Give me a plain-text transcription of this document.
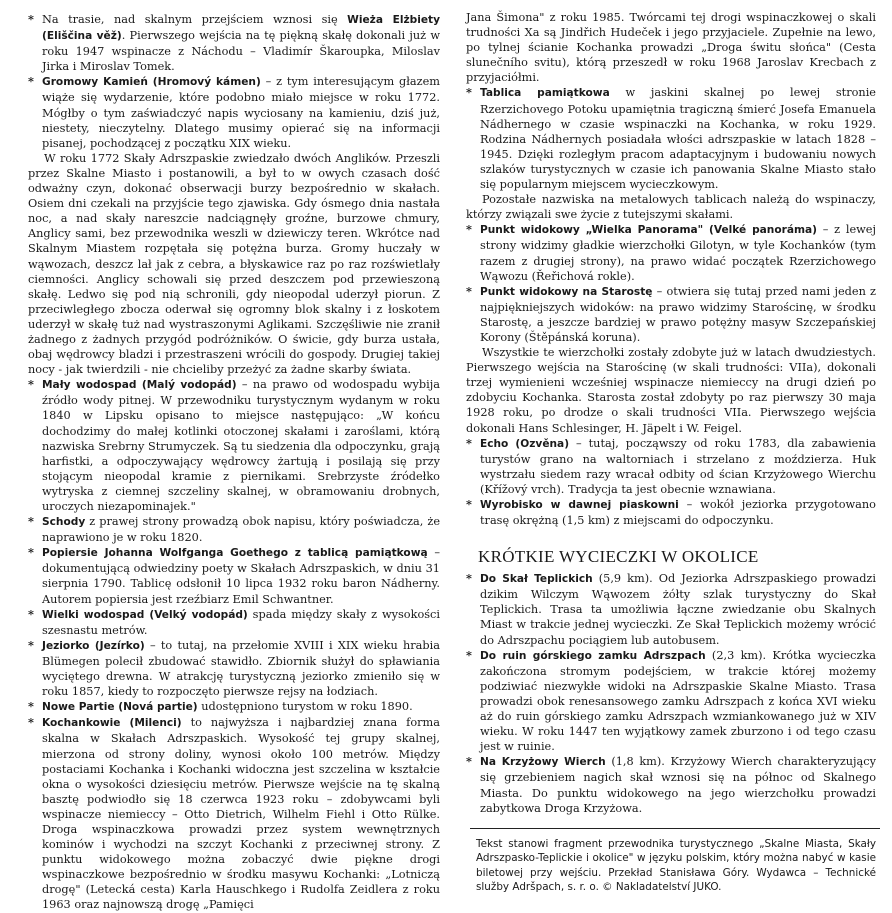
* Na trasie, nad skalnym przejściem wznosi się Wieża Elżbiety (Eliščina věž). Pierwszego wejścia na tę piękną skałę dokonali już w roku 1947 wspinacze z Náchodu – Vladimír Škaroupka, Miloslav Jirka i Miroslav Tomek.

* Gromowy Kamień (Hromový kámen) – z tym interesującym głazem wiąże się wydarzenie, które podobno miało miejsce w roku 1772. Mógłby o tym zaświadczyć napis wyciosany na kamieniu, dziś już, niestety, nieczytelny. Dlatego musimy opierać się na informacji pisanej, pochodzącej z początku XIX wieku.

W roku 1772 Skały Adrszpaskie zwiedzało dwóch Anglików. Przeszli przez Skalne Miasto i postanowili, a był to w owych czasach dość odważny czyn, dokonać obserwacji burzy bezpośrednio w skałach. Osiem dni czekali na przyjście tego zjawiska. Gdy ósmego dnia nastała noc, a nad skały nareszcie nadciągnęły groźne, burzowe chmury, Anglicy sami, bez przewodnika weszli w dziewiczy teren. Wkrótce nad Skalnym Miastem rozpętała się potężna burza. Gromy huczały w wąwozach, deszcz lał jak z cebra, a błyskawice raz po raz rozświetlały ciemności. Anglicy schowali się przed deszczem pod przewieszoną skałę. Ledwo się pod nią schronili, gdy nieopodal uderzył piorun. Z przeciwległego zbocza oderwał się ogromny blok skalny i z łoskotem uderzył w skałę tuż nad wystraszonymi Aglikami. Szczęśliwie nie zranił żadnego z żadnych przygód podróżników. O świcie, gdy burza ustała, obaj wędrowcy bladzi i przestraszeni wrócili do gospody. Drugiej takiej nocy - jak twierdzili - nie chcieliby przeżyć za żadne skarby świata.

* Mały wodospad (Malý vodopád) – na prawo od wodospadu wybija źródło wody pitnej. W przewodniku turystycznym wydanym w roku 1840 w Lipsku opisano to miejsce następująco: „W końcu dochodzimy do małej kotlinki otoczonej skałami i zaroślami, którą nazwiska Srebrny Strumyczek. Są tu siedzenia dla odpoczynku, grają harfistki, a odpoczywający wędrowcy żartują i posilają się przy stojącym nieopodal kramie z piernikami. Srebrzyste źródełko wytryska z ciemnej szczeliny skalnej, w obramowaniu drobnych, uroczych niezapominajek."

* Schody z prawej strony prowadzą obok napisu, który poświadcza, że naprawiono je w roku 1820.

* Popiersie Johanna Wolfganga Goethego z tablicą pamiątkową – dokumentującą odwiedziny poety w Skałach Adrszpaskich, w dniu 31 sierpnia 1790. Tablicę odsłonił 10 lipca 1932 roku baron Nádherny. Autorem popiersia jest rzeźbiarz Emil Schwantner.

* Wielki wodospad (Velký vodopád) spada między skały z wysokości szesnastu metrów.

* Jeziorko (Jezírko) – to tutaj, na przełomie XVIII i XIX wieku hrabia Blümegen polecił zbudować stawidło. Zbiornik służył do spławiania wyciętego drewna. W atrakcję turystyczną jeziorko zmieniło się w roku 1857, kiedy to rozpoczęto pierwsze rejsy na łodziach.

* Nowe Partie (Nová partie) udostępniono turystom w roku 1890.

* Kochankowie (Milenci) to najwyższa i najbardziej znana forma skalna w Skałach Adrszpaskich. Wysokość tej grupy skalnej, mierzona od strony doliny, wynosi około 100 metrów. Między postaciami Kochanka i Kochanki widoczna jest szczelina w kształcie okna o wysokości dziesięciu metrów. Pierwsze wejście na tę skalną basztę podwiodło się 18 czerwca 1923 roku – zdobywcami byli wspinacze niemieccy – Otto Dietrich, Wilhelm Fiehl i Otto Rülke. Droga wspinaczkowa prowadzi przez system wewnętrznych kominów i wychodzi na szczyt Kochanki z przeciwnej strony. Z punktu widokowego można zobaczyć dwie piękne drogi wspinaczkowe bezpośrednio w środku masywu Kochanki: „Lotniczą drogę" (Letecká cesta) Karla Hauschkego i Rudolfa Zeidlera z roku 1963 oraz najnowszą drogę „Pamięci

Jana Šimona" z roku 1985. Twórcami tej drogi wspinaczkowej o skali trudności Xa są Jindřich Hudeček i jego przyjaciele. Zupełnie na lewo, po tylnej ścianie Kochanka prowadzi „Droga świtu słońca" (Cesta slunečního svitu), którą przeszedł w roku 1968 Jaroslav Krecbach z przyjaciółmi.

* Tablica pamiątkowa w jaskini skalnej po lewej stronie Rzerzichovego Potoku upamiętnia tragiczną śmierć Josefa Emanuela Nádhernego w czasie wspinaczki na Kochanka, w roku 1929. Rodzina Nádhernych posiadała włości adrszpaskie w latach 1828 – 1945. Dzięki rozległym pracom adaptacyjnym i budowaniu nowych szlaków turystycznych w czasie ich panowania Skalne Miasto stało się popularnym miejscem wycieczkowym.

Pozostałe nazwiska na metalowych tablicach należą do wspinaczy, którzy związali swe życie z tutejszymi skałami.

* Punkt widokowy „Wielka Panorama" (Velké panoráma) – z lewej strony widzimy gładkie wierzchołki Gilotyn, w tyle Kochanków (tym razem z drugiej strony), na prawo widać początek Rzerzichowego Wąwozu (Řeřichová rokle).

* Punkt widokowy na Starostę – otwiera się tutaj przed nami jeden z najpiękniejszych widoków: na prawo widzimy Starościnę, w środku Starostę, a jeszcze bardziej w prawo potężny masyw Szczepańskiej Korony (Štěpánská koruna).

Wszystkie te wierzchołki zostały zdobyte już w latach dwudziestych. Pierwszego wejścia na Starościnę (w skali trudności: VIIa), dokonali trzej wymienieni wcześniej wspinacze niemieccy na drugi dzień po zdobyciu Kochanka. Starosta został zdobyty po raz pierwszy 30 maja 1928 roku, po drodze o skali trudności VIIa. Pierwszego wejścia dokonali Hans Schlesinger, H. Jäpelt i W. Feigel.

* Echo (Ozvěna) – tutaj, począwszy od roku 1783, dla zabawienia turystów grano na waltorniach i strzelano z moździerza. Huk wystrzału siedem razy wracał odbity od ścian Krzyżowego Wierchu (Křížový vrch). Tradycja ta jest obecnie wznawiana.

* Wyrobisko w dawnej piaskowni – wokół jeziorka przygotowano trasę okrężną (1,5 km) z miejscami do odpoczynku.

KRÓTKIE WYCIECZKI W OKOLICE

* Do Skał Teplickich (5,9 km). Od Jeziorka Adrszpaskiego prowadzi dzikim Wilczym Wąwozem żółty szlak turystyczny do Skał Teplickich. Trasa ta umożliwia łączne zwiedzanie obu Skalnych Miast w trakcie jednej wycieczki. Ze Skał Teplickich możemy wrócić do Adrszpachu pociągiem lub autobusem.

* Do ruin górskiego zamku Adrszpach (2,3 km). Krótka wycieczka zakończona stromym podejściem, w trakcie której możemy podziwiać niezwykłe widoki na Adrszpaskie Skalne Miasto. Trasa prowadzi obok renesansowego zamku Adrszpach z końca XVI wieku aż do ruin górskiego zamku Adrszpach wzmiankowanego już w XIV wieku. W roku 1447 ten wyjątkowy zamek zburzono i od tego czasu jest w ruinie.

* Na Krzyżowy Wierch (1,8 km). Krzyżowy Wierch charakteryzujący się grzebieniem nagich skał wznosi się na północ od Skalnego Miasta. Do punktu widokowego na jego wierzchołku prowadzi zabytkowa Droga Krzyżowa.

Tekst stanowi fragment przewodnika turystycznego „Skalne Miasta, Skały Adrszpasko-Teplickie i okolice" w języku polskim, który można nabyć w kasie biletowej przy wejściu. Przekład Stanisława Góry. Wydawca – Technické služby Adršpach, s. r. o. © Nakladatelství JUKO.
